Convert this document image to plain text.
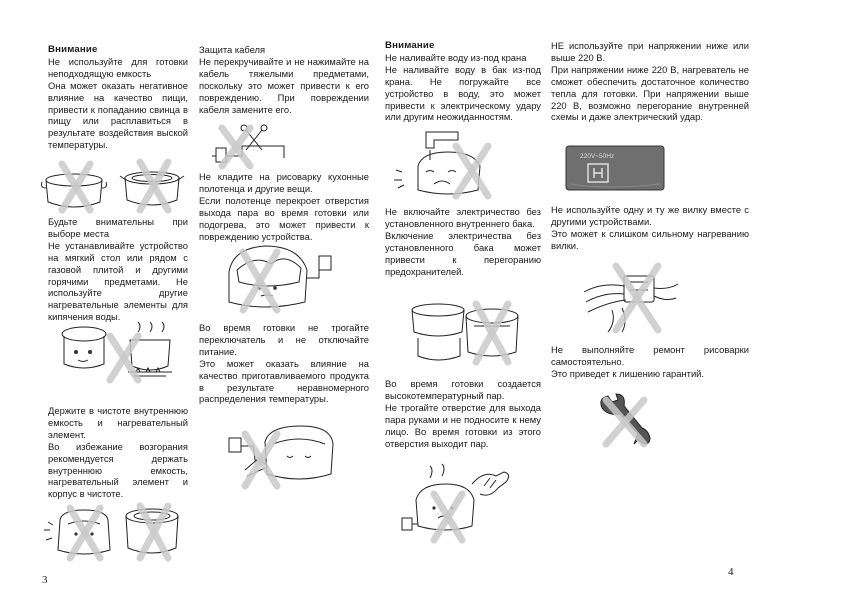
Внимание

Не используйте для готовки неподходящую емкость

Она может оказать негативное влияние на качество пищи, привести к попаданию свинца в пищу или расплавиться в результате воздействия выской температуры.

Будьте внимательны при выборе места

Не устанавливайте устройство на мягкий стол или рядом с газовой плитой и другими горячими предметами. Не используйте другие нагревательные элементы для кипячения воды.

Держите в чистоте внутреннюю емкость и нагревательный элемент.

Во избежание возгорания рекомендуется держать внутреннюю емкость, нагревательный элемент и корпус в чистоте.

3

Защита кабеля

Не перекручивайте и не нажимайте на кабель тяжелыми предметами, поскольку это может привести к его повреждению. При повреждении кабеля замените его.

Не кладите на рисоварку кухонные полотенца и другие вещи.

Если полотенце перекроет отверстия выхода пара во время готовки или подогрева, это может привести к повреждению устройства.

Во время готовки не трогайте переключатель и не отключайте питание.

Это может оказать влияние на качество приготавливаемого продукта в результате неравномерного распределения температуры.

Внимание

Не наливайте воду из-под крана

Не наливайте воду в бак из-под крана. Не погружайте все устройство в воду, это может привести к электрическому удару или другим неожиданностям.

Не включайте электричество без установленного внутреннего бака.

Включение электричества без установленного бака может привести к перегоранию предохранителей.

Во время готовки создается высокотемпературный пар.

Не трогайте отверстие для выхода пара руками и не подносите к нему лицо. Во время готовки из этого отверстия выходит пар.

НЕ используйте при напряжении ниже или выше 220 В.

При напряжении ниже 220 В, нагреватель не сможет обеспечить достаточное количество тепла для готовки. При напряжении выше 220 В, возможно перегорание внутренней схемы и даже электрический удар.

220V~50Hz

Не используйте одну и ту же вилку вместе с другими устройствами.

Это может к слишком сильному нагреванию вилки.

Не выполняйте ремонт рисоварки самостоятельно.

Это приведет к лишению гарантий.

4
